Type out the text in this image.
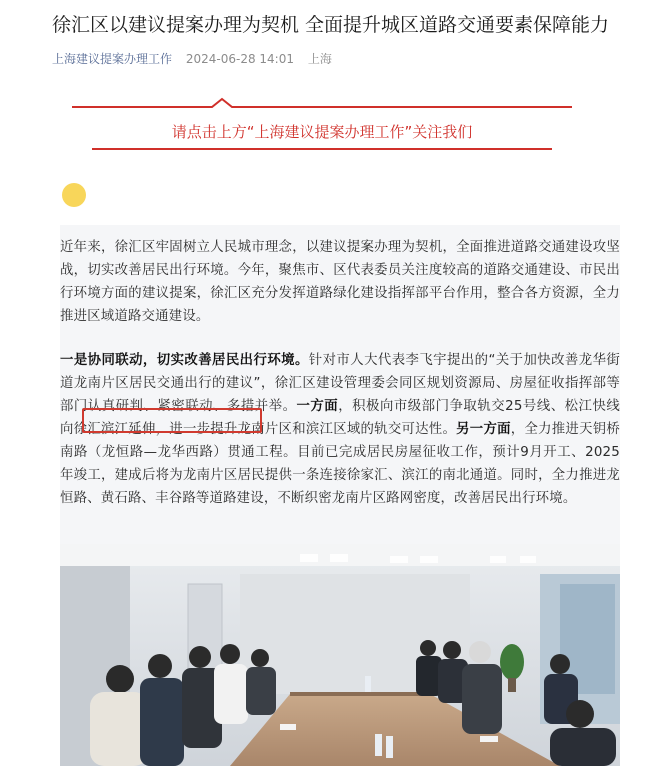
徐汇区以建议提案办理为契机 全面提升城区道路交通要素保障能力
上海建议提案办理工作 2024-06-28 14:01 上海
请点击上方“上海建议提案办理工作”关注我们
近年来，徐汇区牢固树立人民城市理念，以建议提案办理为契机，全面推进道路交通建设攻坚战，切实改善居民出行环境。今年，聚焦市、区代表委员关注度较高的道路交通建设、市民出行环境方面的建议提案，徐汇区充分发挥道路绿化建设指挥部平台作用，整合各方资源，全力推进区域道路交通建设。
一是协同联动，切实改善居民出行环境。针对市人大代表李飞宇提出的“关于加快改善龙华街道龙南片区居民交通出行的建议”，徐汇区建设管理委会同区规划资源局、房屋征收指挥部等部门认真研判、紧密联动、多措并举。一方面，积极向市级部门争取轨交25号线、松江快线向徐汇滨江延伸，进一步提升龙南片区和滨江区域的轨交可达性。另一方面，全力推进天钥桥南路（龙恒路—龙华西路）贯通工程。目前已完成居民房屋征收工作，预计9月开工、2025年竣工，建成后将为龙南片区居民提供一条连接徐家汇、滨江的南北通道。同时，全力推进龙恒路、黄石路、丰谷路等道路建设，不断织密龙南片区路网密度，改善居民出行环境。
